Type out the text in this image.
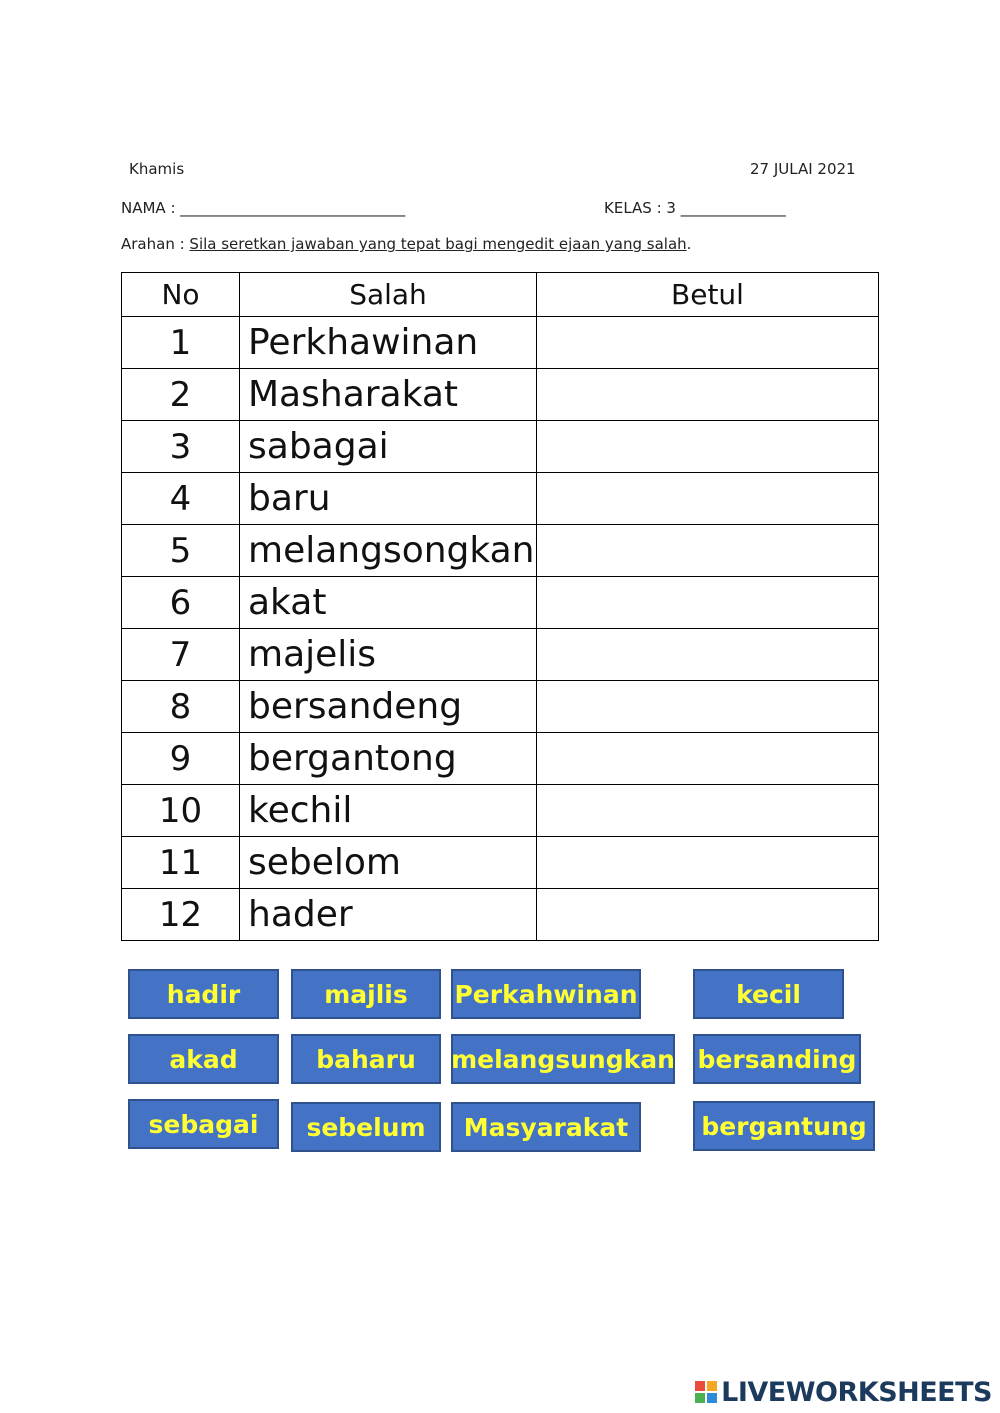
Khamis	27 JULAI 2021
NAMA : ______________________________	KELAS : 3 ______________
Arahan : Sila seretkan jawaban yang tepat bagi mengedit ejaan yang salah.
No	Salah	Betul
1	Perkhawinan	
2	Masharakat	
3	sabagai	
4	baru	
5	melangsongkan	
6	akat	
7	majelis	
8	bersandeng	
9	bergantong	
10	kechil	
11	sebelom	
12	hader	
hadir	majlis	Perkahwinan	kecil
akad	baharu	melangsungkan bersanding
sebagai	sebelum	Masyarakat	bergantung
LIVEWORKSHEETS
